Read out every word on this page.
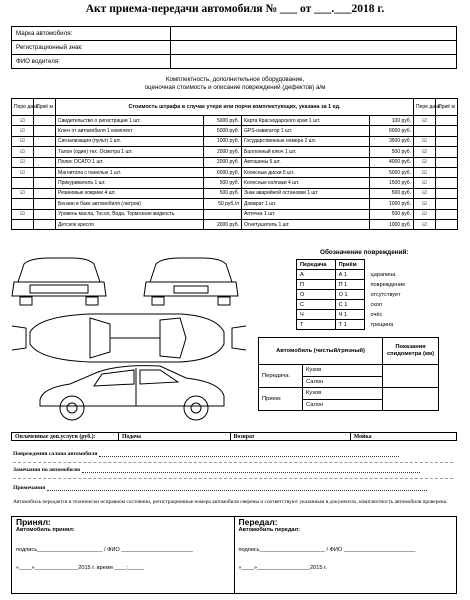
Акт приема-передачи автомобиля № ___ от ___.___2018 г.
Марка автомобиля:	
Регистрационный знак:	
ФИО водителя:	
Комплектность, дополнительное оборудование,
оценочная стоимость и описание повреждений (дефектов) а/м
Пере дача	Приё м	Стоимость штрафа в случае утери или порчи комплектующих, указана за 1 ед.				Пере дача	Приё м
☑		Свидетельство о регистрации 1 шт.	5000 руб.	Карта Краснодарского края 1 шт.	100 руб.	☑	
☑		Ключ от автомобиля 1 комплект	5000 руб.	GPS-навигатор 1 шт.	6000 руб.		
☑		Сигнализация (пульт) 1 шт.	1000 руб.	Государственные номера 2 шт.	3500 руб.	☑	
☑		Талон (один) тех. Осмотра 1 шт.	2000 руб.	Баллонный ключ 1 шт.	500 руб.	☑	
☑		Полис ОСАГО 1 шт.	2000 руб.	Автошины 5 шт.	4000 руб.	☑	
☑		Магнитола с панелью 1 шт.	6000 руб.	Колесные диски 5 шт.	5000 руб.	☑	
		Прикуриватель 1 шт.	500 руб.	Колесные колпаки 4 шт.	1500 руб.	☑	
☑		Резиновые коврики 4 шт.	500 руб.	Знак аварийной остановки 1 шт.	500 руб.	☑	
		Бензин в баке автомобиля (литров)	50 руб./л	Домкрат 1 шт.	1000 руб.	☑	
☑		Уровень масла, Тосол, Вода, Тормозная жидкость		Аптечка 1 шт.	500 руб.	☑	
		Детское кресло	2000 руб.	Огнетушитель 1 шт.	1000 руб.	☑	
Обозначение повреждений:
Передача	Приём	
А	А 1	царапина
П	П 1	повреждение
О	О 1	отсутствует
С	С 1	скол
Ч	Ч 1	очёс
Т	Т 1	трещина
Автомобиль (чистый/грязный)		Показания спидометра (км)
Передача:	Кузов	
	Салон	
Прием:	Кузов	
	Салон	
Оплаченные доп.услуги (руб.):	Подача	Возврат	Мойка
Повреждения салона автомобиля
Замечания по автомобилю
Примечания
Автомобиль передается в технически исправном состоянии, регистрационные номера автомобиля сверены и соответствуют указанным в документах, комплектность автомобиля проверена.
Принял:
Автомобиль принял:
подпись_____________________ / ФИО _______________________
«____»______________2015 г. время ____:_____

Передал:
Автомобиль передал:
подпись_____________________ / ФИО _______________________
«____»_________________2015 г.
